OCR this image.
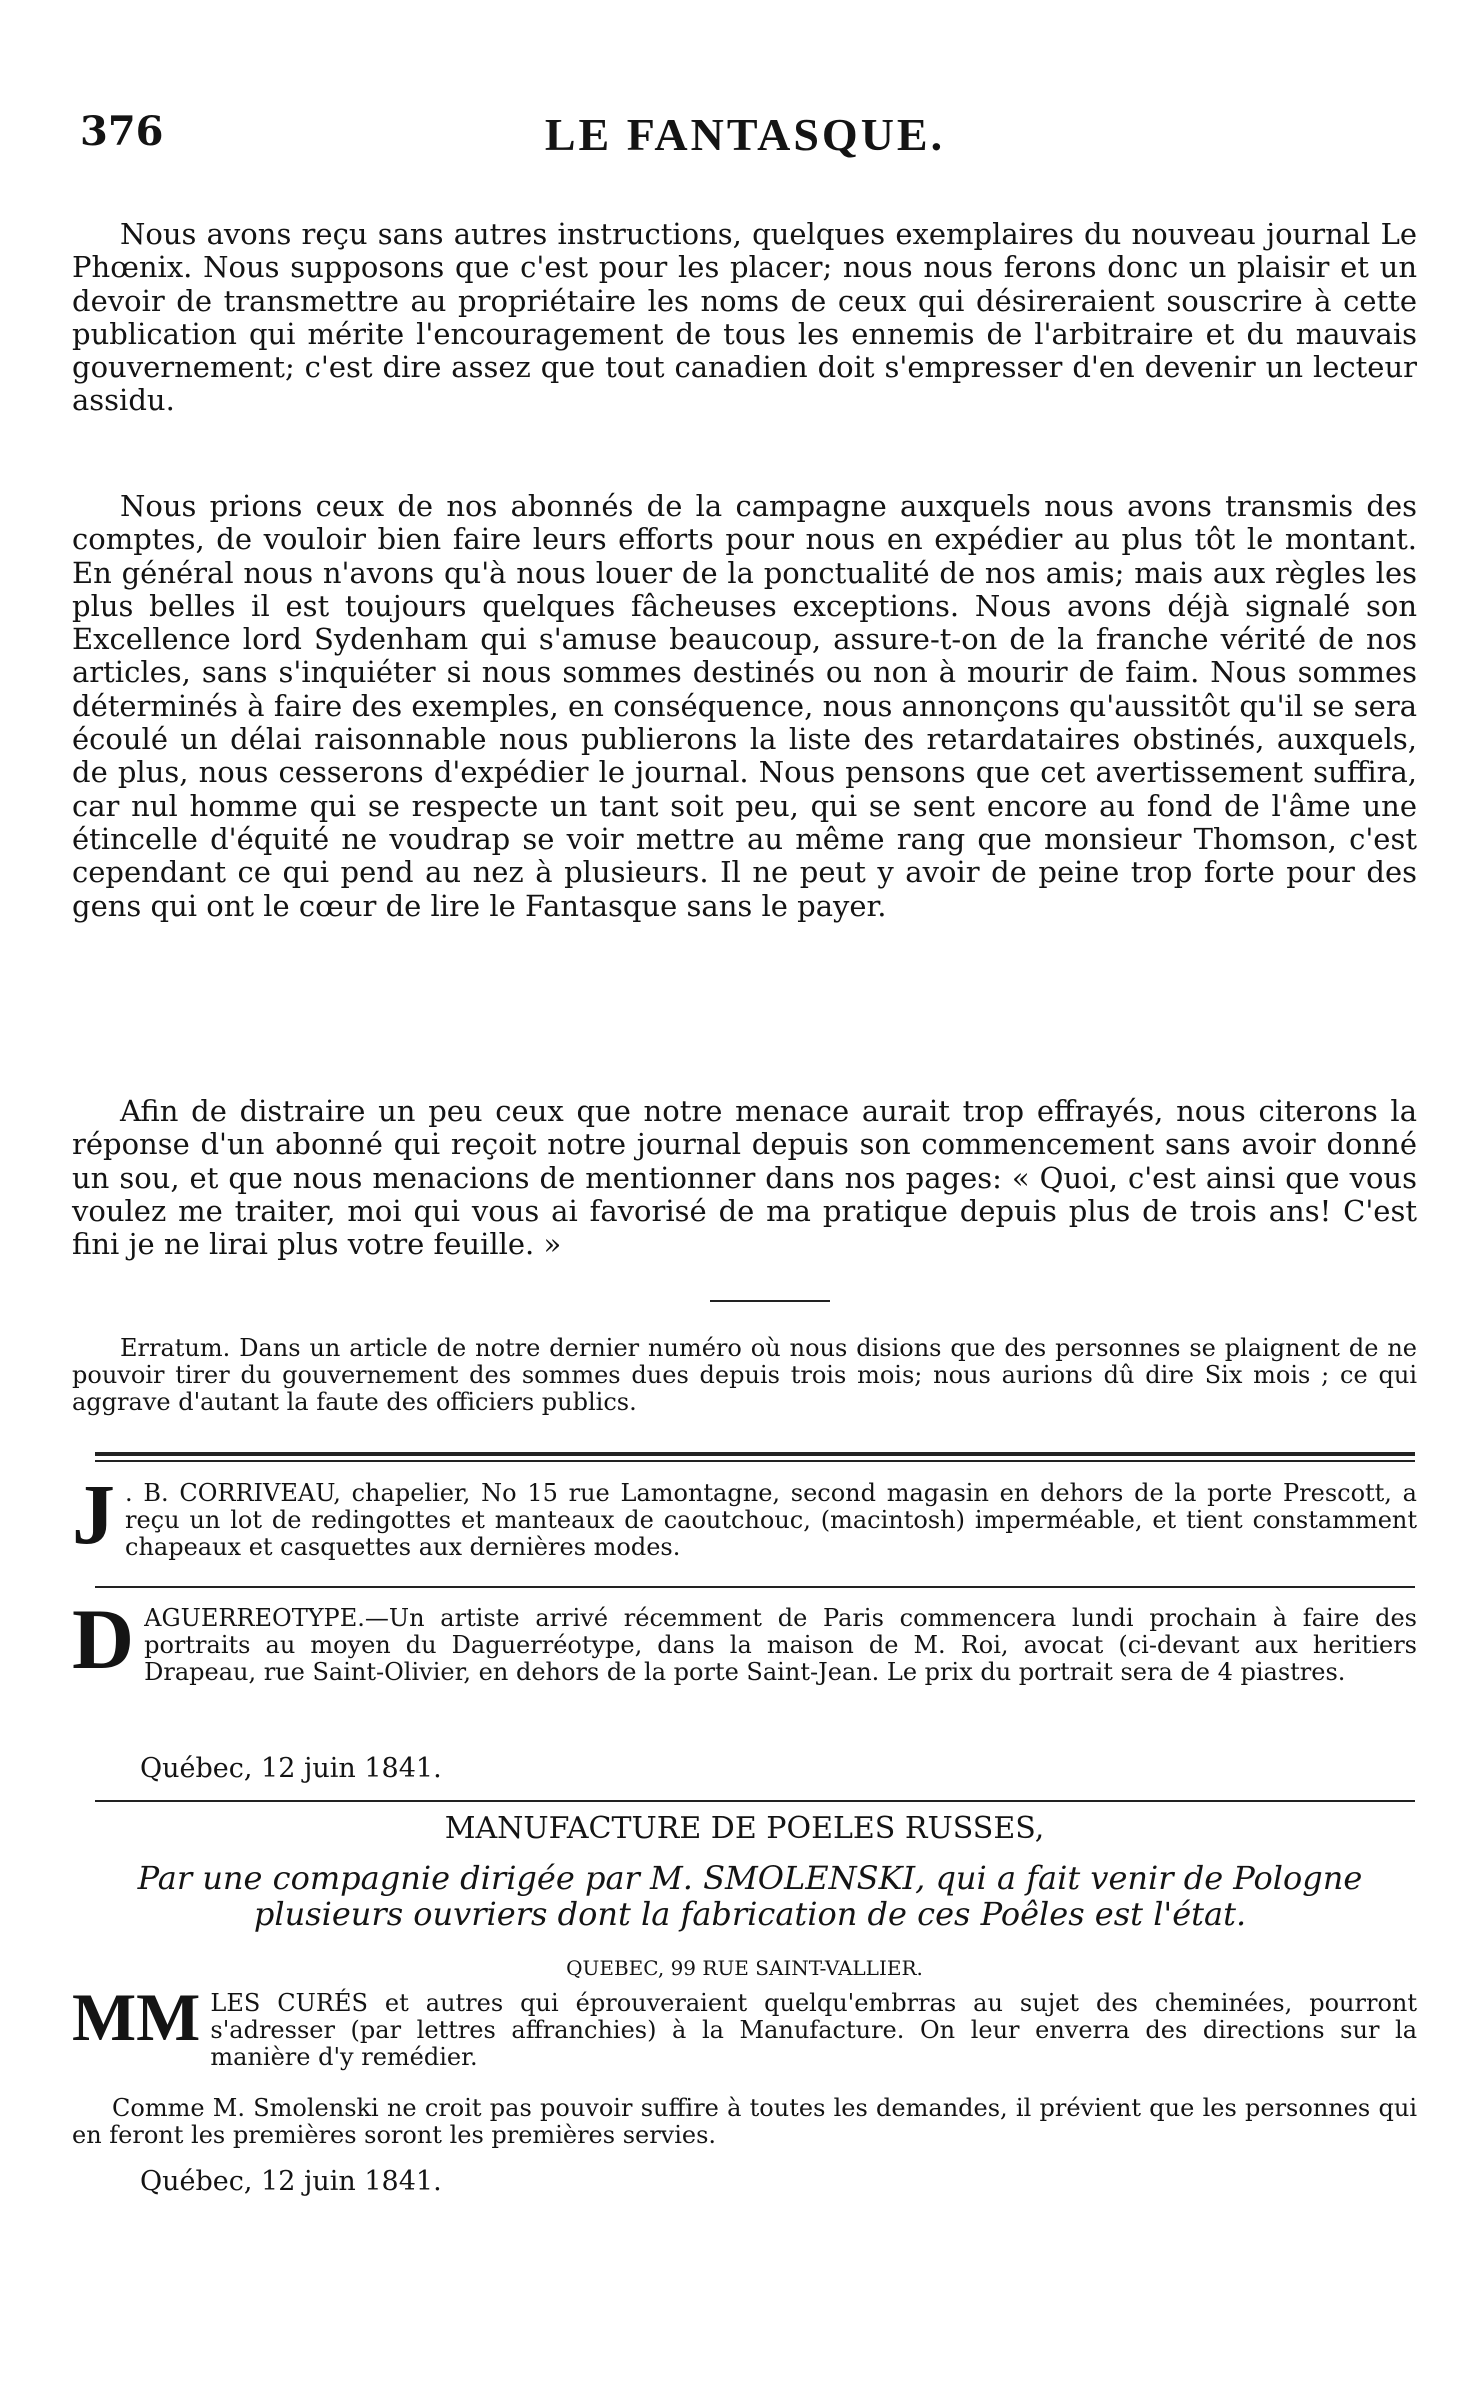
376	LE FANTASQUE.

Nous avons reçu sans autres instructions, quelques exemplaires du nouveau journal Le Phœnix. Nous supposons que c'est pour les placer; nous nous ferons donc un plaisir et un devoir de transmettre au propriétaire les noms de ceux qui désireraient souscrire à cette publication qui mérite l'encouragement de tous les ennemis de l'arbitraire et du mauvais gouvernement; c'est dire assez que tout canadien doit s'empresser d'en devenir un lecteur assidu.

Nous prions ceux de nos abonnés de la campagne auxquels nous avons transmis des comptes, de vouloir bien faire leurs efforts pour nous en expédier au plus tôt le montant. En général nous n'avons qu'à nous louer de la ponctualité de nos amis; mais aux règles les plus belles il est toujours quelques fâcheuses exceptions. Nous avons déjà signalé son Excellence lord Sydenham qui s'amuse beaucoup, assure-t-on de la franche vérité de nos articles, sans s'inquiéter si nous sommes destinés ou non à mourir de faim. Nous sommes déterminés à faire des exemples, en conséquence, nous annonçons qu'aussitôt qu'il se sera écoulé un délai raisonnable nous publierons la liste des retardataires obstinés, auxquels, de plus, nous cesserons d'expédier le journal. Nous pensons que cet avertissement suffira, car nul homme qui se respecte un tant soit peu, qui se sent encore au fond de l'âme une étincelle d'équité ne voudrap se voir mettre au même rang que monsieur Thomson, c'est cependant ce qui pend au nez à plusieurs. Il ne peut y avoir de peine trop forte pour des gens qui ont le cœur de lire le Fantasque sans le payer.

Afin de distraire un peu ceux que notre menace aurait trop effrayés, nous citerons la réponse d'un abonné qui reçoit notre journal depuis son commencement sans avoir donné un sou, et que nous menacions de mentionner dans nos pages: « Quoi, c'est ainsi que vous voulez me traiter, moi qui vous ai favorisé de ma pratique depuis plus de trois ans! C'est fini je ne lirai plus votre feuille. »

Erratum. Dans un article de notre dernier numéro où nous disions que des personnes se plaignent de ne pouvoir tirer du gouvernement des sommes dues depuis trois mois; nous aurions dû dire Six mois ; ce qui aggrave d'autant la faute des officiers publics.

J . B. CORRIVEAU, chapelier, No 15 rue Lamontagne, second magasin en dehors de la porte Prescott, a reçu un lot de redingottes et manteaux de caoutchouc, (macintosh) imperméable, et tient constamment chapeaux et casquettes aux dernières modes.
D AGUERREOTYPE.—Un artiste arrivé récemment de Paris commencera lundi prochain à faire des portraits au moyen du Daguerréotype, dans la maison de M. Roi, avocat (ci-devant aux heritiers Drapeau, rue Saint-Olivier, en dehors de la porte Saint-Jean. Le prix du portrait sera de 4 piastres.
Québec, 12 juin 1841.
MANUFACTURE DE POELES RUSSES,
Par une compagnie dirigée par M. SMOLENSKI, qui a fait venir de Pologne plusieurs ouvriers dont la fabrication de ces Poêles est l'état.
QUEBEC, 99 RUE SAINT-VALLIER.
MM LES CURÉS et autres qui éprouveraient quelqu'embrras au sujet des cheminées, pourront s'adresser (par lettres affranchies) à la Manufacture. On leur enverra des directions sur la manière d'y remédier.
Comme M. Smolenski ne croit pas pouvoir suffire à toutes les demandes, il prévient que les personnes qui en feront les premières soront les premières servies.
Québec, 12 juin 1841.
